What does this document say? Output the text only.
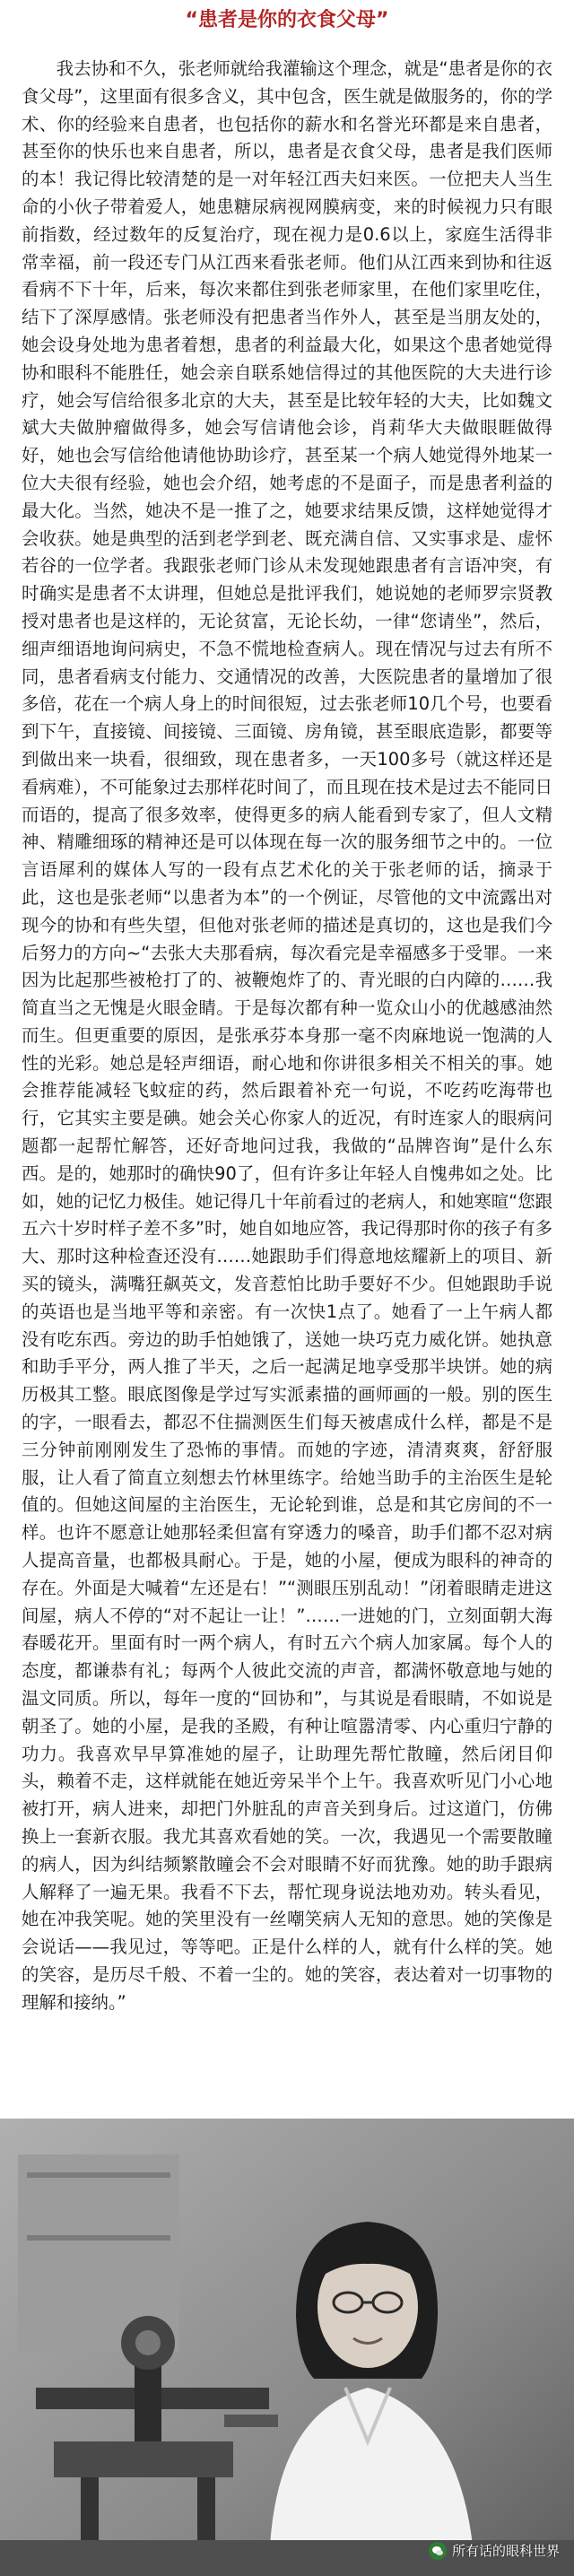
“患者是你的衣食父母”

我去协和不久，张老师就给我灌输这个理念，就是“患者是你的衣食父母”，这里面有很多含义，其中包含，医生就是做服务的，你的学术、你的经验来自患者，也包括你的薪水和名誉光环都是来自患者，甚至你的快乐也来自患者，所以，患者是衣食父母，患者是我们医师的本！我记得比较清楚的是一对年轻江西夫妇来医。一位把夫人当生命的小伙子带着爱人，她患糖尿病视网膜病变，来的时候视力只有眼前指数，经过数年的反复治疗，现在视力是0.6以上，家庭生活得非常幸福，前一段还专门从江西来看张老师。他们从江西来到协和往返看病不下十年，后来，每次来都住到张老师家里，在他们家里吃住，结下了深厚感情。张老师没有把患者当作外人，甚至是当朋友处的，她会设身处地为患者着想，患者的利益最大化，如果这个患者她觉得协和眼科不能胜任，她会亲自联系她信得过的其他医院的大夫进行诊疗，她会写信给很多北京的大夫，甚至是比较年轻的大夫，比如魏文斌大夫做肿瘤做得多，她会写信请他会诊，肖莉华大夫做眼睚做得好，她也会写信给他请他协助诊疗，甚至某一个病人她觉得外地某一位大夫很有经验，她也会介绍，她考虑的不是面子，而是患者利益的最大化。当然，她决不是一推了之，她要求结果反馈，这样她觉得才会收获。她是典型的活到老学到老、既充满自信、又实事求是、虚怀若谷的一位学者。我跟张老师门诊从未发现她跟患者有言语冲突，有时确实是患者不太讲理，但她总是批评我们，她说她的老师罗宗贤教授对患者也是这样的，无论贫富，无论长幼，一律“您请坐”，然后，细声细语地询问病史，不急不慌地检查病人。现在情况与过去有所不同，患者看病支付能力、交通情况的改善，大医院患者的量增加了很多倍，花在一个病人身上的时间很短，过去张老师10几个号，也要看到下午，直接镜、间接镜、三面镜、房角镜，甚至眼底造影，都要等到做出来一块看，很细致，现在患者多，一天100多号（就这样还是看病难），不可能象过去那样花时间了，而且现在技术是过去不能同日而语的，提高了很多效率，使得更多的病人能看到专家了，但人文精神、精雕细琢的精神还是可以体现在每一次的服务细节之中的。一位言语犀利的媒体人写的一段有点艺术化的关于张老师的话，摘录于此，这也是张老师“以患者为本”的一个例证，尽管他的文中流露出对现今的协和有些失望，但他对张老师的描述是真切的，这也是我们今后努力的方向~“去张大夫那看病，每次看完是幸福感多于受罪。一来因为比起那些被枪打了的、被鞭炮炸了的、青光眼的白内障的……我简直当之无愧是火眼金睛。于是每次都有种一览众山小的优越感油然而生。但更重要的原因，是张承芬本身那一毫不肉麻地说一饱满的人性的光彩。她总是轻声细语，耐心地和你讲很多相关不相关的事。她会推荐能减轻飞蚊症的药，然后跟着补充一句说，不吃药吃海带也行，它其实主要是碘。她会关心你家人的近况，有时连家人的眼病问题都一起帮忙解答，还好奇地问过我，我做的“品牌咨询”是什么东西。是的，她那时的确快90了，但有许多让年轻人自愧弗如之处。比如，她的记忆力极佳。她记得几十年前看过的老病人，和她寒暄“您跟五六十岁时样子差不多”时，她自如地应答，我记得那时你的孩子有多大、那时这种检查还没有……她跟助手们得意地炫耀新上的项目、新买的镜头，满嘴狂飙英文，发音惹怕比助手要好不少。但她跟助手说的英语也是当地平等和亲密。有一次快1点了。她看了一上午病人都没有吃东西。旁边的助手怕她饿了，送她一块巧克力威化饼。她执意和助手平分，两人推了半天，之后一起满足地享受那半块饼。她的病历极其工整。眼底图像是学过写实派素描的画师画的一般。别的医生的字，一眼看去，都忍不住揣测医生们每天被虐成什么样，都是不是三分钟前刚刚发生了恐怖的事情。而她的字迹，清清爽爽，舒舒服服，让人看了简直立刻想去竹林里练字。给她当助手的主治医生是轮值的。但她这间屋的主治医生，无论轮到谁，总是和其它房间的不一样。也许不愿意让她那轻柔但富有穿透力的嗓音，助手们都不忍对病人提高音量，也都极具耐心。于是，她的小屋，便成为眼科的神奇的存在。外面是大喊着“左还是右！”“测眼压别乱动！”闭着眼睛走进这间屋，病人不停的“对不起让一让！”……一进她的门，立刻面朝大海春暖花开。里面有时一两个病人，有时五六个病人加家属。每个人的态度，都谦恭有礼；每两个人彼此交流的声音，都满怀敬意地与她的温文同质。所以，每年一度的“回协和”，与其说是看眼睛，不如说是朝圣了。她的小屋，是我的圣殿，有种让喧嚣清零、内心重归宁静的功力。我喜欢早早算准她的屋子，让助理先帮忙散瞳，然后闭目仰头，赖着不走，这样就能在她近旁呆半个上午。我喜欢听见门小心地被打开，病人进来，却把门外脏乱的声音关到身后。过这道门，仿佛换上一套新衣服。我尤其喜欢看她的笑。一次，我遇见一个需要散瞳的病人，因为纠结频繁散瞳会不会对眼睛不好而犹豫。她的助手跟病人解释了一遍无果。我看不下去，帮忙现身说法地劝劝。转头看见，她在冲我笑呢。她的笑里没有一丝嘲笑病人无知的意思。她的笑像是会说话——我见过，等等吧。正是什么样的人，就有什么样的笑。她的笑容，是历尽千般、不着一尘的。她的笑容，表达着对一切事物的理解和接纳。”

所有话的眼科世界
